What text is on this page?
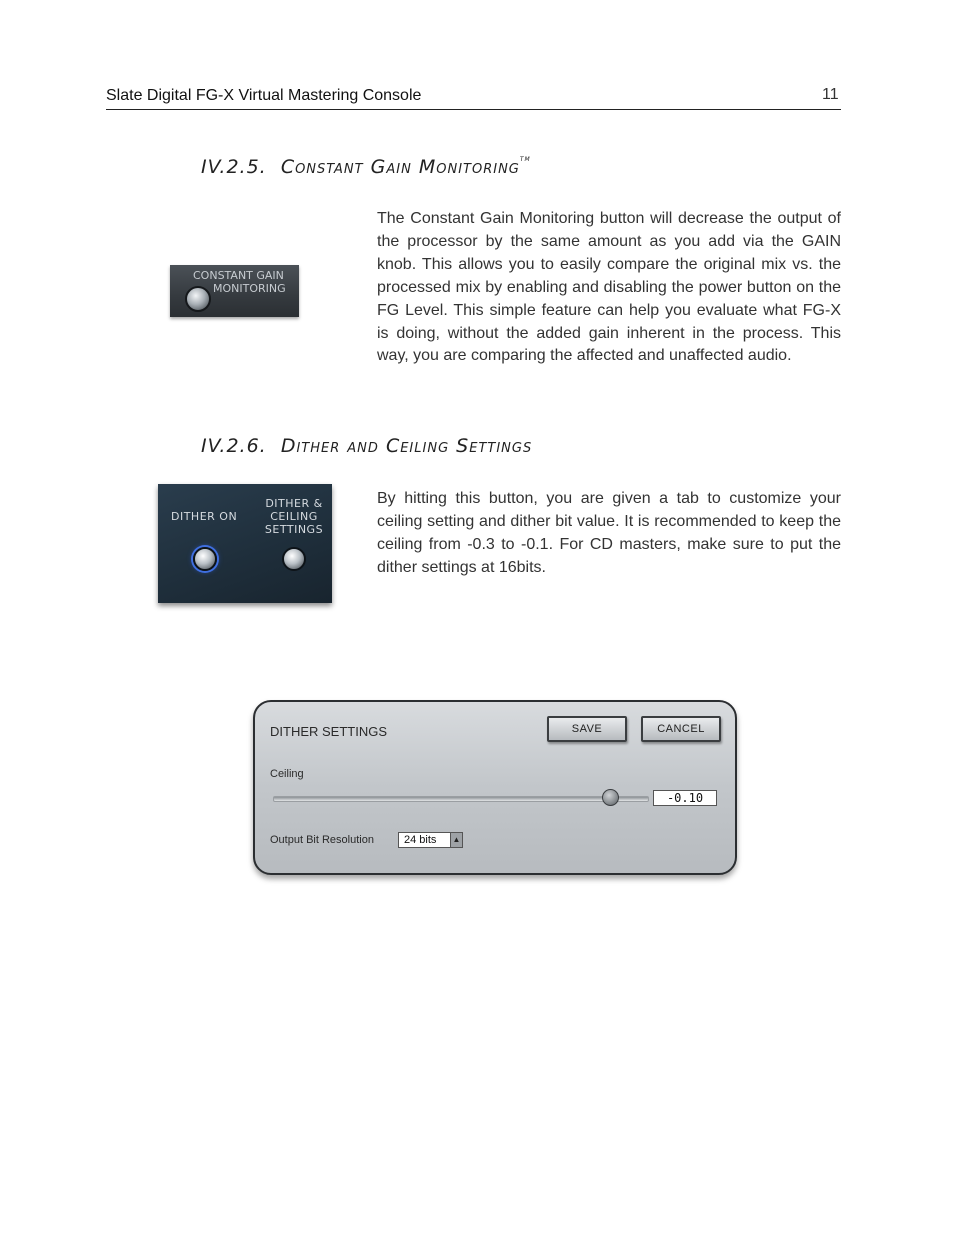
Slate Digital FG-X Virtual Mastering Console	11
IV.2.5. Constant Gain Monitoring™
CONSTANT GAIN
MONITORING

The Constant Gain Monitoring button will decrease the output of the processor by the same amount as you add via the GAIN knob. This allows you to easily compare the original mix vs. the processed mix by enabling and disabling the power button on the FG Level. This simple feature can help you evaluate what FG-X is doing, without the added gain inherent in the process. This way, you are comparing the affected and unaffected audio.

IV.2.6. Dither and Ceiling Settings
DITHER ON
DITHER &
CEILING
SETTINGS

By hitting this button, you are given a tab to customize your ceiling setting and dither bit value. It is recommended to keep the ceiling from -0.3 to -0.1. For CD masters, make sure to put the dither settings at 16bits.

DITHER SETTINGS	SAVE	CANCEL
Ceiling
-0.10
Output Bit Resolution	24 bits	▲
